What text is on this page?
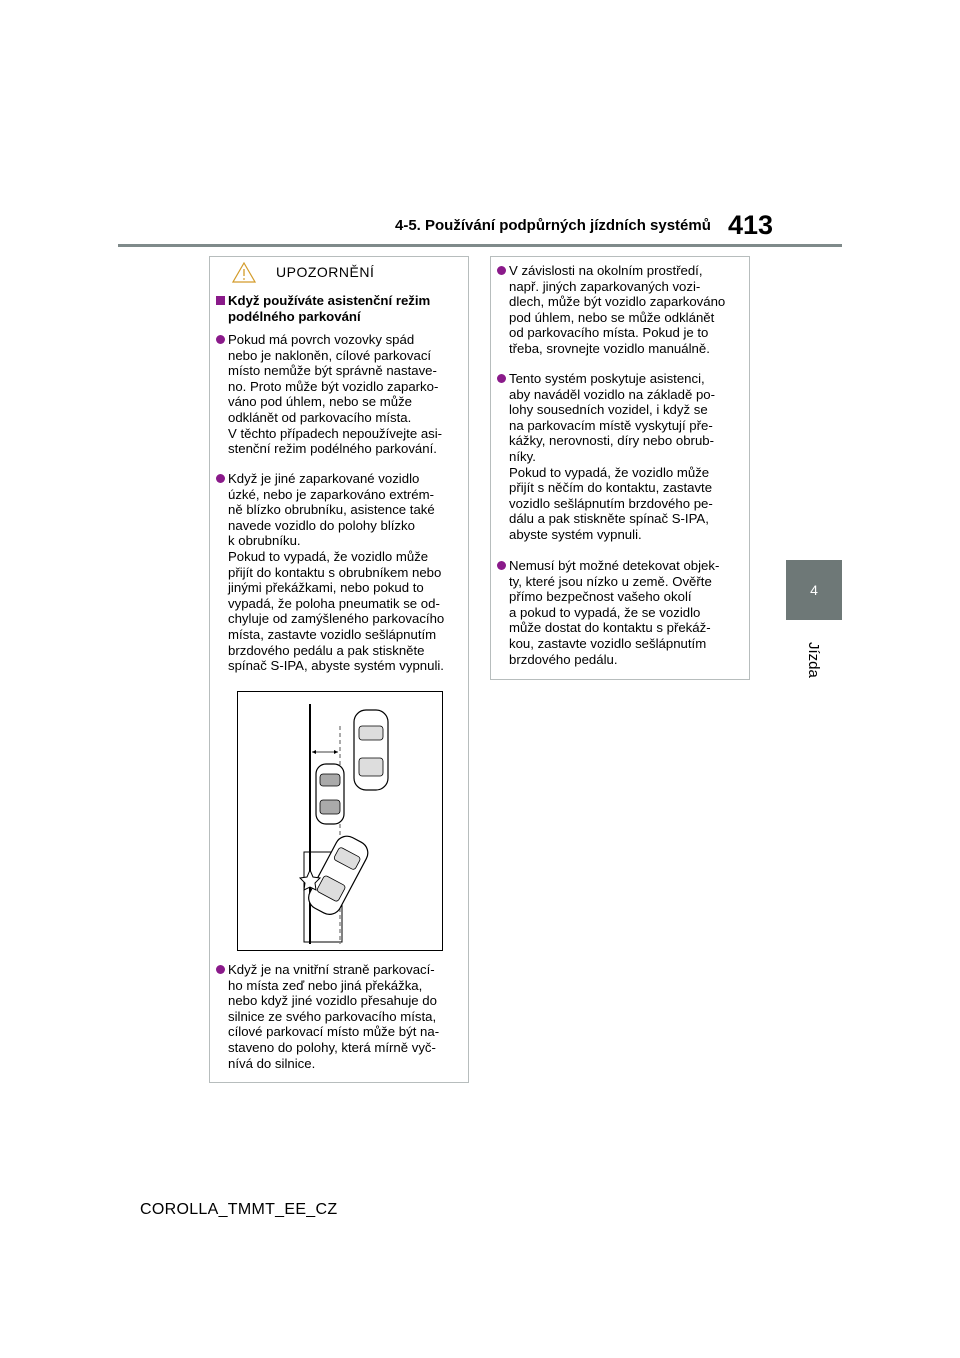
4-5. Používání podpůrných jízdních systémů 413
4
Jízda
UPOZORNĚNÍ
Když používáte asistenční režim
podélného parkování
Pokud má povrch vozovky spád
nebo je nakloněn, cílové parkovací
místo nemůže být správně nastave-
no. Proto může být vozidlo zaparko-
váno pod úhlem, nebo se může
odklánět od parkovacího místa.
V těchto případech nepoužívejte asi-
stenční režim podélného parkování.
Když je jiné zaparkované vozidlo
úzké, nebo je zaparkováno extrém-
ně blízko obrubníku, asistence také
navede vozidlo do polohy blízko
k obrubníku.
Pokud to vypadá, že vozidlo může
přijít do kontaktu s obrubníkem nebo
jinými překážkami, nebo pokud to
vypadá, že poloha pneumatik se od-
chyluje od zamýšleného parkovacího
místa, zastavte vozidlo sešlápnutím
brzdového pedálu a pak stiskněte
spínač S-IPA, abyste systém vypnuli.
Když je na vnitřní straně parkovací-
ho místa zeď nebo jiná překážka,
nebo když jiné vozidlo přesahuje do
silnice ze svého parkovacího místa,
cílové parkovací místo může být na-
staveno do polohy, která mírně vyč-
nívá do silnice.
V závislosti na okolním prostředí,
např. jiných zaparkovaných vozi-
dlech, může být vozidlo zaparkováno
pod úhlem, nebo se může odklánět
od parkovacího místa. Pokud je to
třeba, srovnejte vozidlo manuálně.
Tento systém poskytuje asistenci,
aby naváděl vozidlo na základě po-
lohy sousedních vozidel, i když se
na parkovacím místě vyskytují pře-
kážky, nerovnosti, díry nebo obrub-
níky.
Pokud to vypadá, že vozidlo může
přijít s něčím do kontaktu, zastavte
vozidlo sešlápnutím brzdového pe-
dálu a pak stiskněte spínač S-IPA,
abyste systém vypnuli.
Nemusí být možné detekovat objek-
ty, které jsou nízko u země. Ověřte
přímo bezpečnost vašeho okolí
a pokud to vypadá, že se vozidlo
může dostat do kontaktu s překáž-
kou, zastavte vozidlo sešlápnutím
brzdového pedálu.
COROLLA_TMMT_EE_CZ
